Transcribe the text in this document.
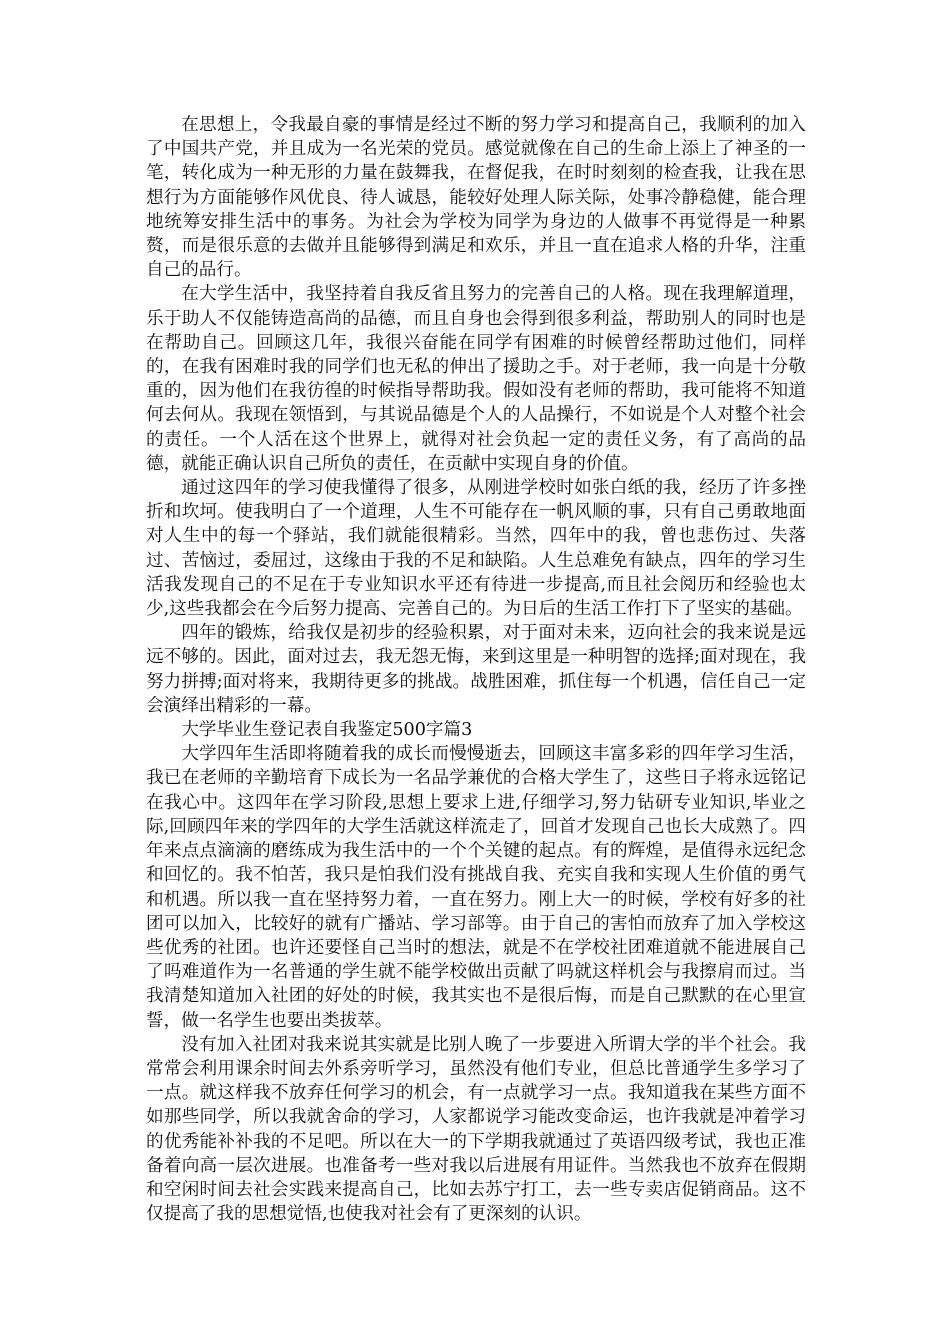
在思想上，令我最自豪的事情是经过不断的努力学习和提高自己，我顺利的加入了中国共产党，并且成为一名光荣的党员。感觉就像在自己的生命上添上了神圣的一笔，转化成为一种无形的力量在鼓舞我，在督促我，在时时刻刻的检查我，让我在思想行为方面能够作风优良、待人诚恳，能较好处理人际关际，处事冷静稳健，能合理地统筹安排生活中的事务。为社会为学校为同学为身边的人做事不再觉得是一种累赘，而是很乐意的去做并且能够得到满足和欢乐，并且一直在追求人格的升华，注重自己的品行。

在大学生活中，我坚持着自我反省且努力的完善自己的人格。现在我理解道理，乐于助人不仅能铸造高尚的品德，而且自身也会得到很多利益，帮助别人的同时也是在帮助自己。回顾这几年，我很兴奋能在同学有困难的时候曾经帮助过他们，同样的，在我有困难时我的同学们也无私的伸出了援助之手。对于老师，我一向是十分敬重的，因为他们在我彷徨的时候指导帮助我。假如没有老师的帮助，我可能将不知道何去何从。我现在领悟到，与其说品德是个人的人品操行，不如说是个人对整个社会的责任。一个人活在这个世界上，就得对社会负起一定的责任义务，有了高尚的品德，就能正确认识自己所负的责任，在贡献中实现自身的价值。

通过这四年的学习使我懂得了很多，从刚进学校时如张白纸的我，经历了许多挫折和坎坷。使我明白了一个道理，人生不可能存在一帆风顺的事，只有自己勇敢地面对人生中的每一个驿站，我们就能很精彩。当然，四年中的我，曾也悲伤过、失落过、苦恼过，委屈过，这缘由于我的不足和缺陷。人生总难免有缺点，四年的学习生活我发现自己的不足在于专业知识水平还有待进一步提高,而且社会阅历和经验也太少,这些我都会在今后努力提高、完善自己的。为日后的生活工作打下了坚实的基础。

四年的锻炼，给我仅是初步的经验积累，对于面对未来，迈向社会的我来说是远远不够的。因此，面对过去，我无怨无悔，来到这里是一种明智的选择;面对现在，我努力拼搏;面对将来，我期待更多的挑战。战胜困难，抓住每一个机遇，信任自己一定会演绎出精彩的一幕。

大学毕业生登记表自我鉴定500字篇3

大学四年生活即将随着我的成长而慢慢逝去，回顾这丰富多彩的四年学习生活，我已在老师的辛勤培育下成长为一名品学兼优的合格大学生了，这些日子将永远铭记在我心中。这四年在学习阶段,思想上要求上进,仔细学习,努力钻研专业知识,毕业之际,回顾四年来的学四年的大学生活就这样流走了，回首才发现自己也长大成熟了。四年来点点滴滴的磨练成为我生活中的一个个关键的起点。有的辉煌，是值得永远纪念和回忆的。我不怕苦，我只是怕我们没有挑战自我、充实自我和实现人生价值的勇气和机遇。所以我一直在坚持努力着，一直在努力。刚上大一的时候，学校有好多的社团可以加入，比较好的就有广播站、学习部等。由于自己的害怕而放弃了加入学校这些优秀的社团。也许还要怪自己当时的想法，就是不在学校社团难道就不能进展自己了吗难道作为一名普通的学生就不能学校做出贡献了吗就这样机会与我擦肩而过。当我清楚知道加入社团的好处的时候，我其实也不是很后悔，而是自己默默的在心里宣誓，做一名学生也要出类拔萃。

没有加入社团对我来说其实就是比别人晚了一步要进入所谓大学的半个社会。我常常会利用课余时间去外系旁听学习，虽然没有他们专业，但总比普通学生多学习了一点。就这样我不放弃任何学习的机会，有一点就学习一点。我知道我在某些方面不如那些同学，所以我就舍命的学习，人家都说学习能改变命运，也许我就是冲着学习的优秀能补补我的不足吧。所以在大一的下学期我就通过了英语四级考试，我也正准备着向高一层次进展。也准备考一些对我以后进展有用证件。当然我也不放弃在假期和空闲时间去社会实践来提高自己，比如去苏宁打工，去一些专卖店促销商品。这不仅提高了我的思想觉悟,也使我对社会有了更深刻的认识。
